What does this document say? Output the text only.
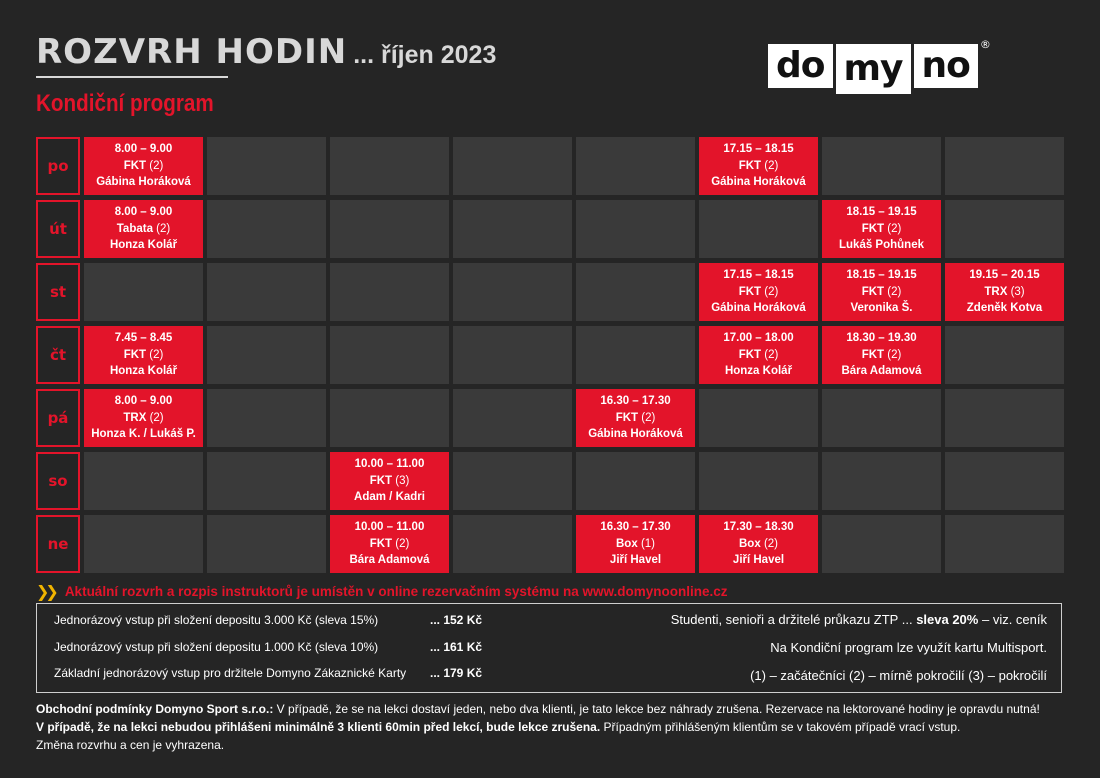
ROZVRH HODIN ... říjen 2023
Kondiční program
do my no
®
po
8.00 – 9.00
FKT (2)
Gábina Horáková
17.15 – 18.15
FKT (2)
Gábina Horáková
út
8.00 – 9.00
Tabata (2)
Honza Kolář
18.15 – 19.15
FKT (2)
Lukáš Pohůnek
st
17.15 – 18.15
FKT (2)
Gábina Horáková
18.15 – 19.15
FKT (2)
Veronika Š.
19.15 – 20.15
TRX (3)
Zdeněk Kotva
čt
7.45 – 8.45
FKT (2)
Honza Kolář
17.00 – 18.00
FKT (2)
Honza Kolář
18.30 – 19.30
FKT (2)
Bára Adamová
pá
8.00 – 9.00
TRX (2)
Honza K. / Lukáš P.
16.30 – 17.30
FKT (2)
Gábina Horáková
so
10.00 – 11.00
FKT (3)
Adam / Kadri
ne
10.00 – 11.00
FKT (2)
Bára Adamová
16.30 – 17.30
Box (1)
Jiří Havel
17.30 – 18.30
Box (2)
Jiří Havel
❯❯ Aktuální rozvrh a rozpis instruktorů je umístěn v online rezervačním systému na www.domynoonline.cz
Jednorázový vstup při složení depositu 3.000 Kč (sleva 15%)	... 152 Kč
Jednorázový vstup při složení depositu 1.000 Kč (sleva 10%)	... 161 Kč
Základní jednorázový vstup pro držitele Domyno Zákaznické Karty ... 179 Kč
Studenti, senioři a držitelé průkazu ZTP ... sleva 20% – viz. ceník
Na Kondiční program lze využít kartu Multisport.
(1) – začátečníci (2) – mírně pokročilí (3) – pokročilí
Obchodní podmínky Domyno Sport s.r.o.: V případě, že se na lekci dostaví jeden, nebo dva klienti, je tato lekce bez náhrady zrušena. Rezervace na lektorované hodiny je opravdu nutná!
V případě, že na lekci nebudou přihlášeni minimálně 3 klienti 60min před lekcí, bude lekce zrušena. Případným přihlášeným klientům se v takovém případě vrací vstup.
Změna rozvrhu a cen je vyhrazena.
